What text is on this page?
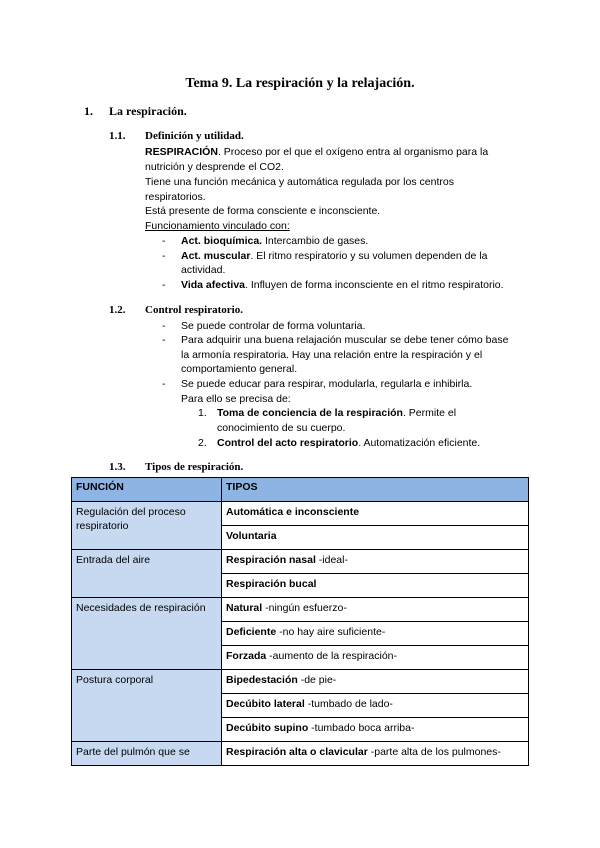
Tema 9. La respiración y la relajación.
1. La respiración.
1.1. Definición y utilidad.
RESPIRACIÓN. Proceso por el que el oxígeno entra al organismo para la
nutrición y desprende el CO2.
Tiene una función mecánica y automática regulada por los centros
respiratorios.
Está presente de forma consciente e inconsciente.
Funcionamiento vinculado con:
- Act. bioquímica. Intercambio de gases.
- Act. muscular. El ritmo respiratorio y su volumen dependen de la
actividad.
- Vida afectiva. Influyen de forma inconsciente en el ritmo respiratorio.
1.2. Control respiratorio.
- Se puede controlar de forma voluntaria.
- Para adquirir una buena relajación muscular se debe tener cómo base
la armonía respiratoria. Hay una relación entre la respiración y el
comportamiento general.
- Se puede educar para respirar, modularla, regularla e inhibirla.
Para ello se precisa de:
1. Toma de conciencia de la respiración. Permite el
conocimiento de su cuerpo.
2. Control del acto respiratorio. Automatización eficiente.
1.3. Tipos de respiración.
FUNCIÓN	TIPOS
Regulación del proceso respiratorio	Automática e inconsciente
	Voluntaria
Entrada del aire	Respiración nasal -ideal-
	Respiración bucal
Necesidades de respiración	Natural -ningún esfuerzo-
	Deficiente -no hay aire suficiente-
	Forzada -aumento de la respiración-
Postura corporal	Bipedestación -de pie-
	Decúbito lateral -tumbado de lado-
	Decúbito supino -tumbado boca arriba-
Parte del pulmón que se	Respiración alta o clavicular -parte alta de los pulmones-
